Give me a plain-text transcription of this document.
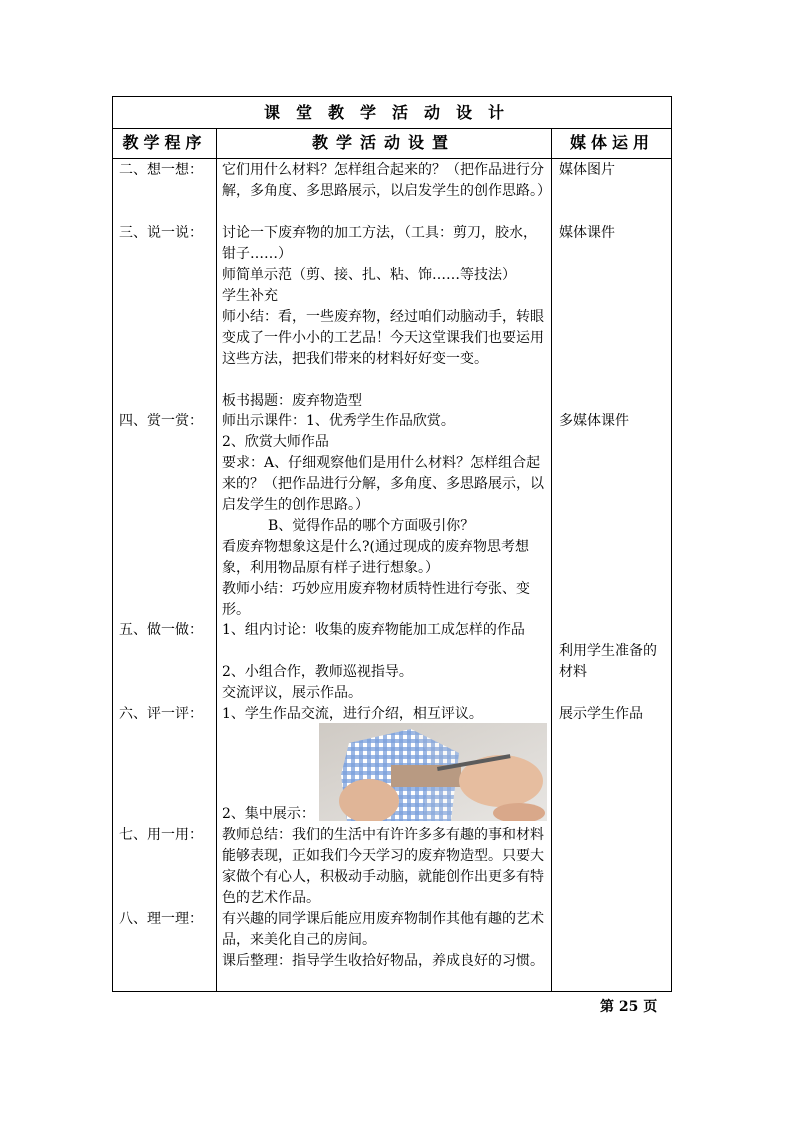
课堂教学活动设计
教学程序	教学活动设置	媒体运用
二、想一想： 它们用什么材料？怎样组合起来的？（把作品进行分解，多角度、多思路展示，以启发学生的创作思路。）
媒体图片
三、说一说： 讨论一下废弃物的加工方法，（工具：剪刀，胶水，钳子……）
师简单示范（剪、接、扎、粘、饰……等技法）
学生补充
师小结：看，一些废弃物，经过咱们动脑动手，转眼变成了一件小小的工艺品！今天这堂课我们也要运用这些方法，把我们带来的材料好好变一变。
板书揭题：废弃物造型
媒体课件
四、赏一赏： 师出示课件：1、优秀学生作品欣赏。
2、欣赏大师作品
要求：A、仔细观察他们是用什么材料？怎样组合起来的？（把作品进行分解，多角度、多思路展示，以启发学生的创作思路。）
B、觉得作品的哪个方面吸引你？
看废弃物想象这是什么?(通过现成的废弃物思考想象，利用物品原有样子进行想象。）
教师小结：巧妙应用废弃物材质特性进行夸张、变形。
多媒体课件
五、做一做： 1、组内讨论：收集的废弃物能加工成怎样的作品
2、小组合作，教师巡视指导。
交流评议，展示作品。
利用学生准备的材料
六、评一评： 1、学生作品交流，进行介绍，相互评议。
2、集中展示：
展示学生作品
七、用一用： 教师总结：我们的生活中有许许多多有趣的事和材料能够表现，正如我们今天学习的废弃物造型。只要大家做个有心人，积极动手动脑，就能创作出更多有特色的艺术作品。
八、理一理： 有兴趣的同学课后能应用废弃物制作其他有趣的艺术品，来美化自己的房间。
课后整理：指导学生收拾好物品，养成良好的习惯。
第 25 页
